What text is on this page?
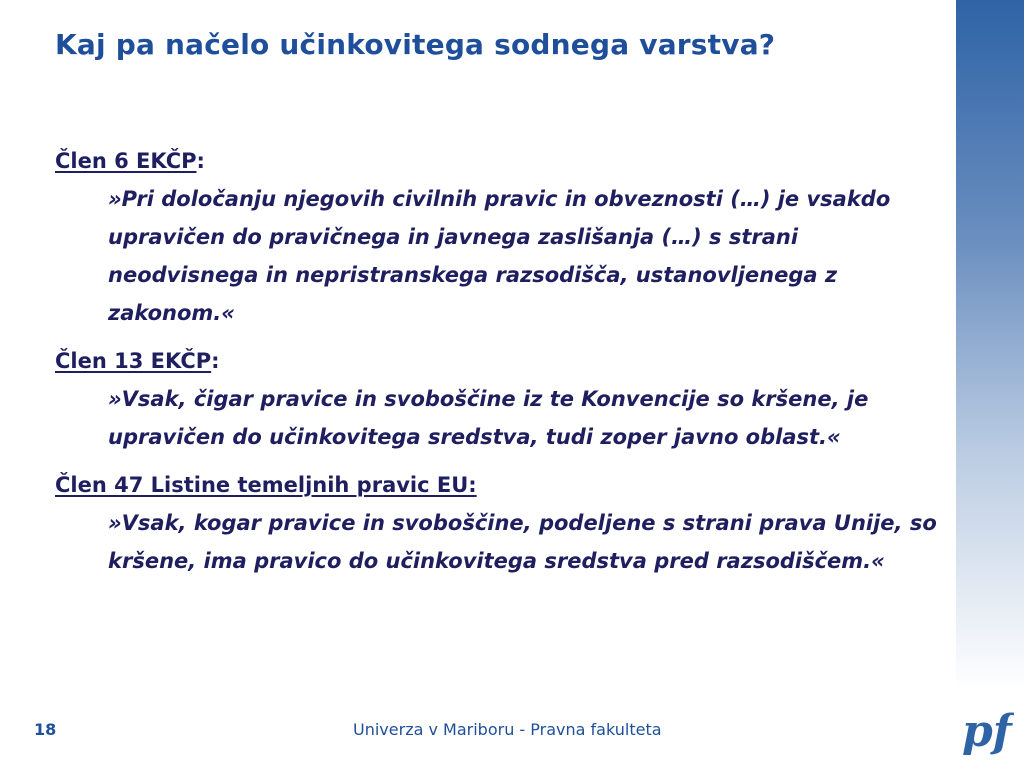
Kaj pa načelo učinkovitega sodnega varstva?
Člen 6 EKČP:

»Pri določanju njegovih civilnih pravic in obveznosti (…) je vsakdo upravičen do pravičnega in javnega zaslišanja (…) s strani neodvisnega in nepristranskega razsodišča, ustanovljenega z zakonom.«

Člen 13 EKČP:

»Vsak, čigar pravice in svoboščine iz te Konvencije so kršene, je upravičen do učinkovitega sredstva, tudi zoper javno oblast.«

Člen 47 Listine temeljnih pravic EU:

»Vsak, kogar pravice in svoboščine, podeljene s strani prava Unije, so kršene, ima pravico do učinkovitega sredstva pred razsodiščem.«

18	Univerza v Mariboru - Pravna fakulteta	pf
